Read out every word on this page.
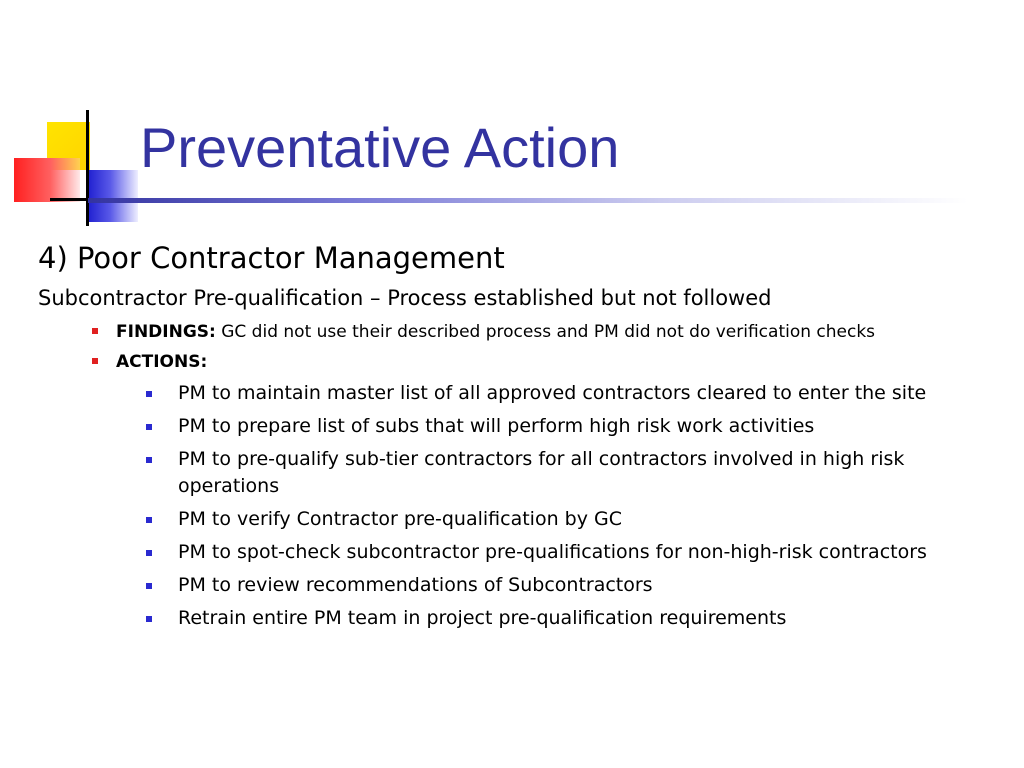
Preventative Action

4) Poor Contractor Management

Subcontractor Pre-qualification – Process established but not followed

FINDINGS: GC did not use their described process and PM did not do verification checks
ACTIONS:
PM to maintain master list of all approved contractors cleared to enter the site
PM to prepare list of subs that will perform high risk work activities
PM to pre-qualify sub-tier contractors for all contractors involved in high risk operations
PM to verify Contractor pre-qualification by GC
PM to spot-check subcontractor pre-qualifications for non-high-risk contractors
PM to review recommendations of Subcontractors
Retrain entire PM team in project pre-qualification requirements
